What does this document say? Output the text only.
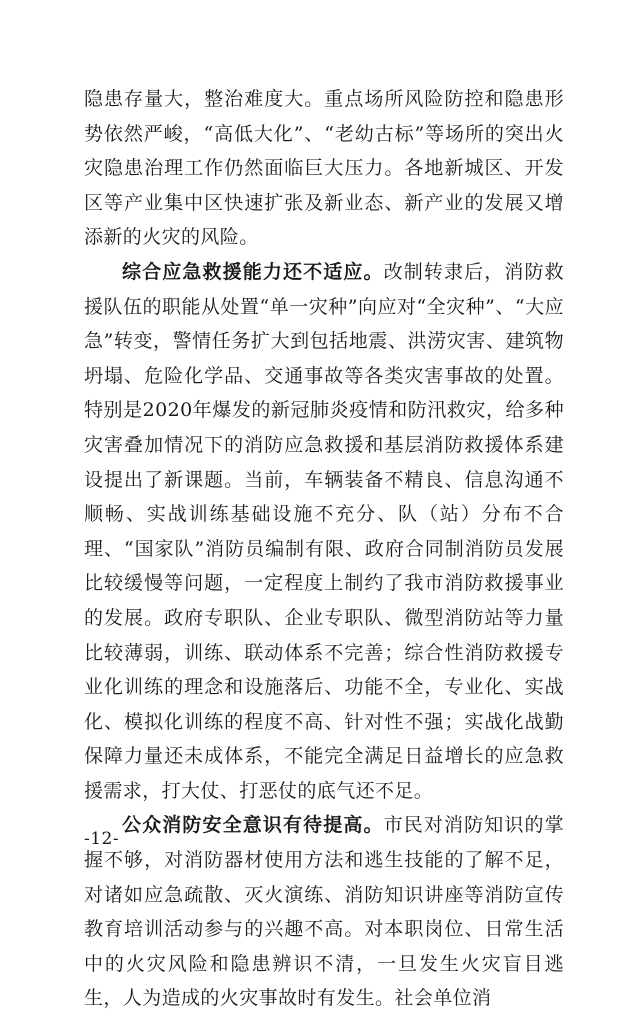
隐患存量大，整治难度大。重点场所风险防控和隐患形势依然严峻，“高低大化”、“老幼古标”等场所的突出火灾隐患治理工作仍然面临巨大压力。各地新城区、开发区等产业集中区快速扩张及新业态、新产业的发展又增添新的火灾的风险。

综合应急救援能力还不适应。改制转隶后，消防救援队伍的职能从处置“单一灾种”向应对“全灾种”、“大应急”转变，警情任务扩大到包括地震、洪涝灾害、建筑物坍塌、危险化学品、交通事故等各类灾害事故的处置。特别是2020年爆发的新冠肺炎疫情和防汛救灾，给多种灾害叠加情况下的消防应急救援和基层消防救援体系建设提出了新课题。当前，车辆装备不精良、信息沟通不顺畅、实战训练基础设施不充分、队（站）分布不合理、“国家队”消防员编制有限、政府合同制消防员发展比较缓慢等问题，一定程度上制约了我市消防救援事业的发展。政府专职队、企业专职队、微型消防站等力量比较薄弱，训练、联动体系不完善；综合性消防救援专业化训练的理念和设施落后、功能不全，专业化、实战化、模拟化训练的程度不高、针对性不强；实战化战勤保障力量还未成体系，不能完全满足日益增长的应急救援需求，打大仗、打恶仗的底气还不足。

公众消防安全意识有待提高。市民对消防知识的掌握不够，对消防器材使用方法和逃生技能的了解不足，对诸如应急疏散、灭火演练、消防知识讲座等消防宣传教育培训活动参与的兴趣不高。对本职岗位、日常生活中的火灾风险和隐患辨识不清，一旦发生火灾盲目逃生，人为造成的火灾事故时有发生。社会单位消

-12-
